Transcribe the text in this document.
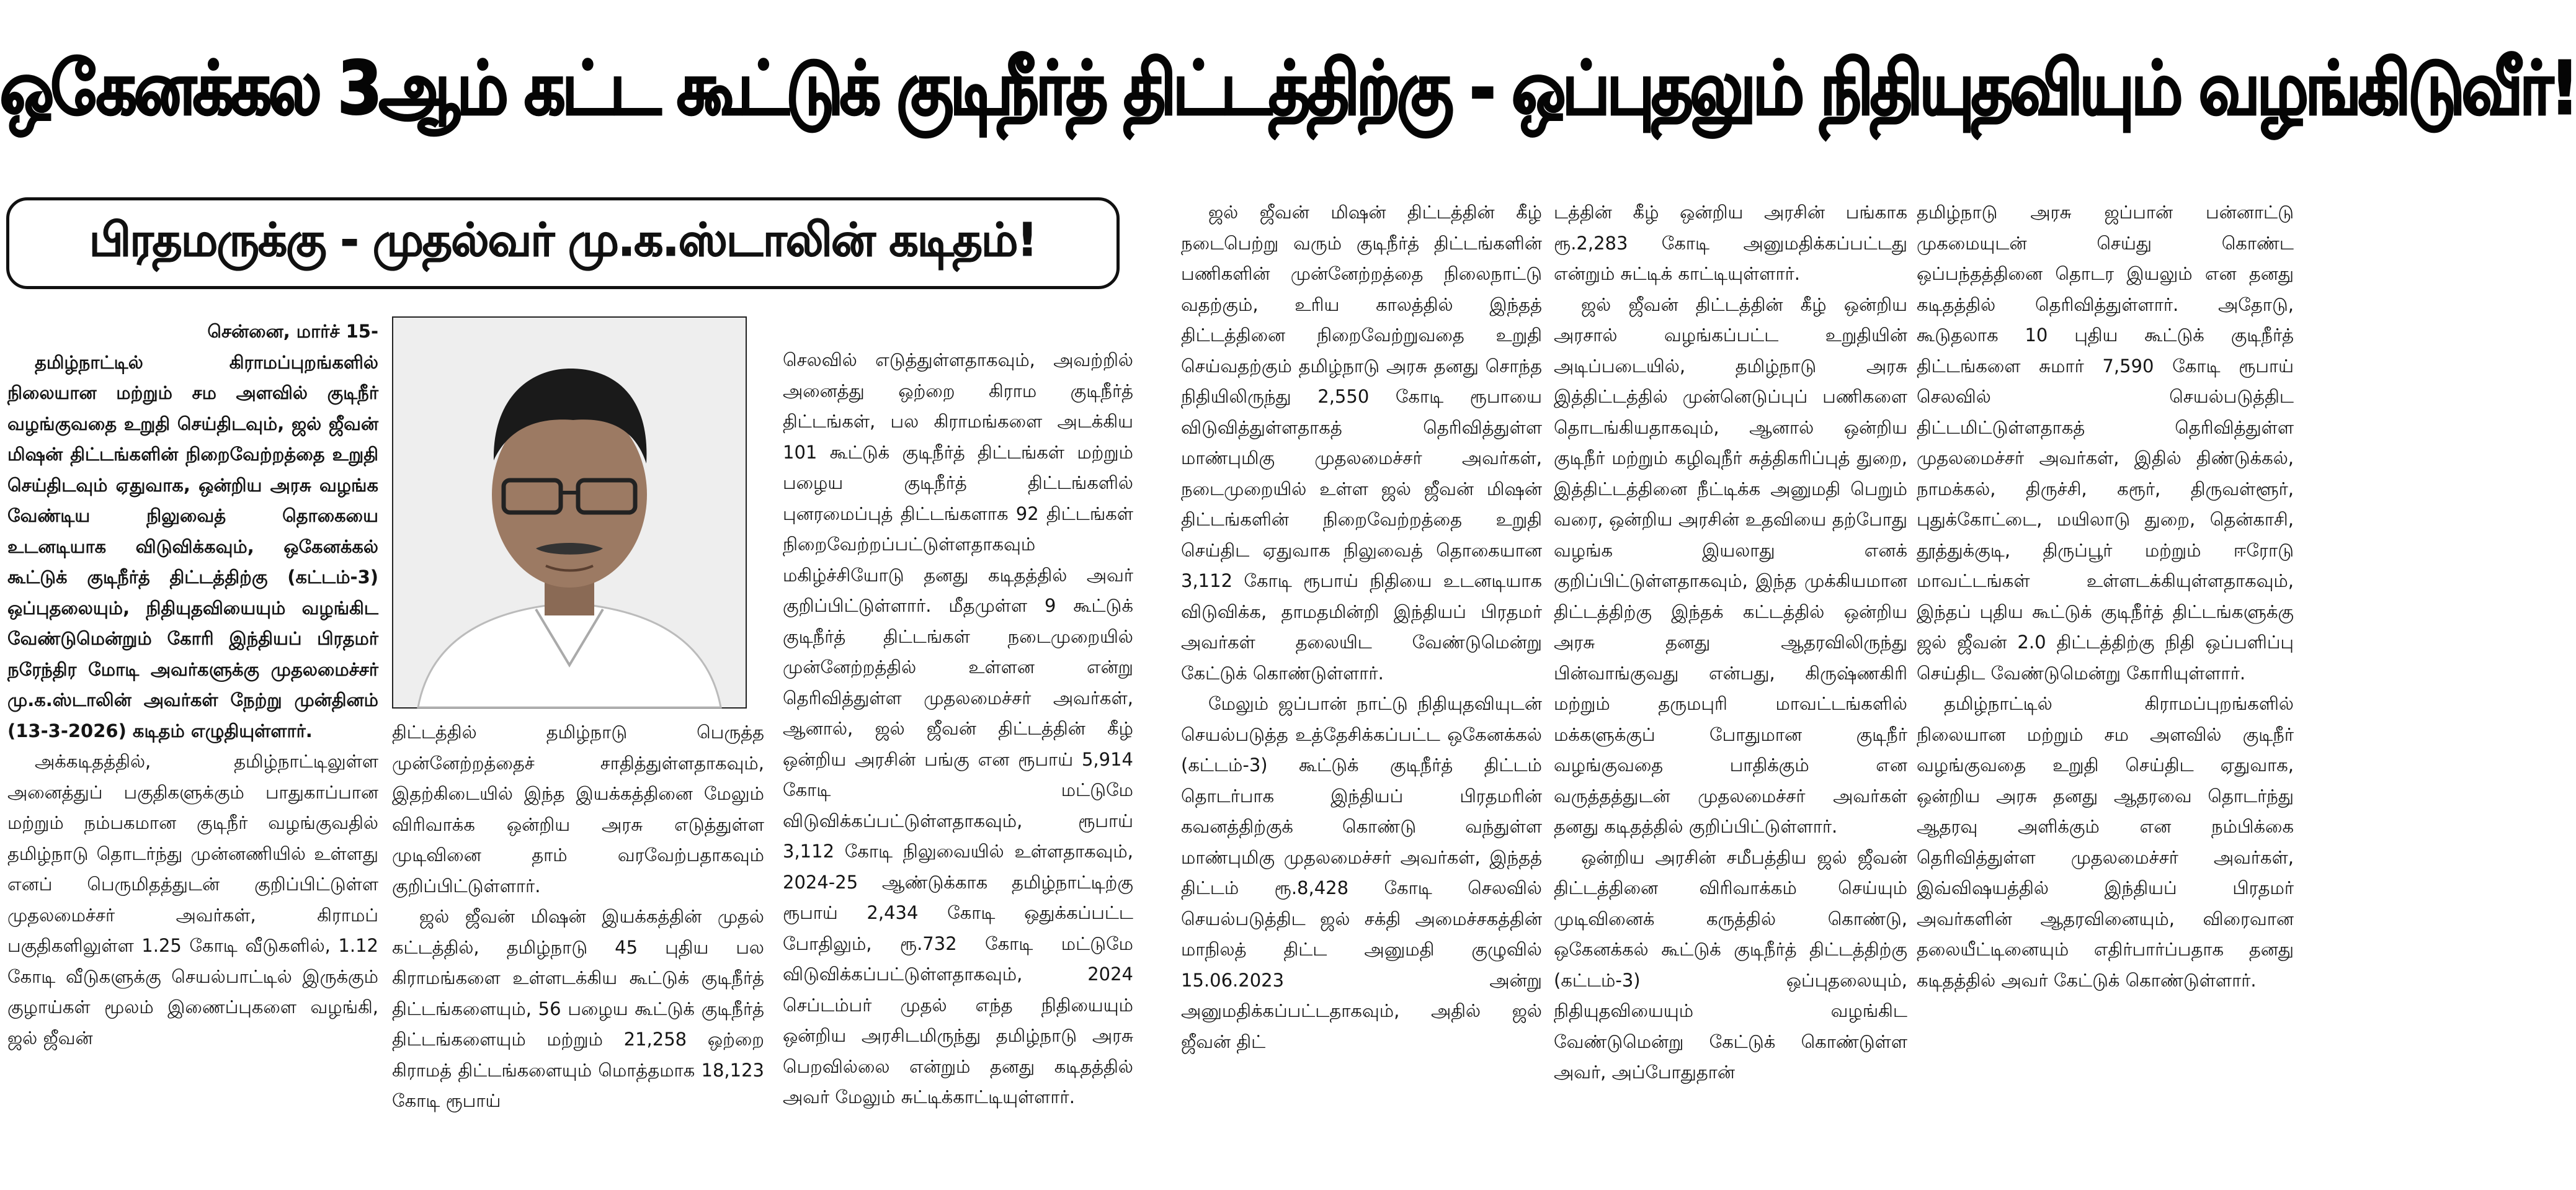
ஒகேனக்கல 3ஆம் கட்ட கூட்டுக் குடிநீர்த் திட்டத்திற்கு - ஒப்புதலும் நிதியுதவியும் வழங்கிடுவீர்!
பிரதமருக்கு - முதல்வர் மு.க.ஸ்டாலின் கடிதம்!

சென்னை, மார்ச் 15-

தமிழ்நாட்டில் கிராமப்புறங்களில் நிலையான மற்றும் சம அளவில் குடிநீர் வழங்குவதை உறுதி செய்திடவும், ஜல் ஜீவன் மிஷன் திட்டங்களின் நிறைவேற்றத்தை உறுதி செய்திடவும் ஏதுவாக, ஒன்றிய அரசு வழங்க வேண்டிய நிலுவைத் தொகையை உடனடியாக விடுவிக்கவும், ஒகேனக்கல் கூட்டுக் குடிநீர்த் திட்டத்திற்கு (கட்டம்-3) ஒப்புதலையும், நிதியுதவியையும் வழங்கிட வேண்டுமென்றும் கோரி இந்தியப் பிரதமர் நரேந்திர மோடி அவர்களுக்கு முதலமைச்சர் மு.க.ஸ்டாலின் அவர்கள் நேற்று முன்தினம் (13-3-2026) கடிதம் எழுதியுள்ளார்.

அக்கடிதத்தில், தமிழ்நாட்டிலுள்ள அனைத்துப் பகுதிகளுக்கும் பாதுகாப்பான மற்றும் நம்பகமான குடிநீர் வழங்குவதில் தமிழ்நாடு தொடர்ந்து முன்னணியில் உள்ளது எனப் பெருமிதத்துடன் குறிப்பிட்டுள்ள முதலமைச்சர் அவர்கள், கிராமப் பகுதிகளிலுள்ள 1.25 கோடி வீடுகளில், 1.12 கோடி வீடுகளுக்கு செயல்பாட்டில் இருக்கும் குழாய்கள் மூலம் இணைப்புகளை வழங்கி, ஜல் ஜீவன்

செலவில் எடுத்துள்ளதாகவும், அவற்றில் அனைத்து ஒற்றை கிராம குடிநீர்த் திட்டங்கள், பல கிராமங்களை அடக்கிய 101 கூட்டுக் குடிநீர்த் திட்டங்கள் மற்றும் பழைய குடிநீர்த் திட்டங்களில் புனரமைப்புத் திட்டங்களாக 92 திட்டங்கள் நிறைவேற்றப்பட்டுள்ளதாகவும் மகிழ்ச்சியோடு தனது கடிதத்தில் அவர் குறிப்பிட்டுள்ளார். மீதமுள்ள 9 கூட்டுக் குடிநீர்த் திட்டங்கள் நடைமுறையில் முன்னேற்றத்தில் உள்ளன என்று தெரிவித்துள்ள முதலமைச்சர் அவர்கள், ஆனால், ஜல் ஜீவன் திட்டத்தின் கீழ் ஒன்றிய அரசின் பங்கு என ரூபாய் 5,914 கோடி மட்டுமே விடுவிக்கப்பட்டுள்ளதாகவும், ரூபாய் 3,112 கோடி நிலுவையில் உள்ளதாகவும், 2024-25 ஆண்டுக்காக தமிழ்நாட்டிற்கு ரூபாய் 2,434 கோடி ஒதுக்கப்பட்ட போதிலும், ரூ.732 கோடி மட்டுமே விடுவிக்கப்பட்டுள்ளதாகவும், 2024 செப்டம்பர் முதல் எந்த நிதியையும் ஒன்றிய அரசிடமிருந்து தமிழ்நாடு அரசு பெறவில்லை என்றும் தனது கடிதத்தில் அவர் மேலும் சுட்டிக்காட்டியுள்ளார்.

திட்டத்தில் தமிழ்நாடு பெருத்த முன்னேற்றத்தைச் சாதித்துள்ளதாகவும், இதற்கிடையில் இந்த இயக்கத்தினை மேலும் விரிவாக்க ஒன்றிய அரசு எடுத்துள்ள முடிவினை தாம் வரவேற்பதாகவும் குறிப்பிட்டுள்ளார்.

ஜல் ஜீவன் மிஷன் இயக்கத்தின் முதல் கட்டத்தில், தமிழ்நாடு 45 புதிய பல கிராமங்களை உள்ளடக்கிய கூட்டுக் குடிநீர்த் திட்டங்களையும், 56 பழைய கூட்டுக் குடிநீர்த் திட்டங்களையும் மற்றும் 21,258 ஒற்றை கிராமத் திட்டங்களையும் மொத்தமாக 18,123 கோடி ரூபாய்

ஜல் ஜீவன் மிஷன் திட்டத்தின் கீழ் நடைபெற்று வரும் குடிநீர்த் திட்டங்களின் பணிகளின் முன்னேற்றத்தை நிலைநாட்டு வதற்கும், உரிய காலத்தில் இந்தத் திட்டத்தினை நிறைவேற்றுவதை உறுதி செய்வதற்கும் தமிழ்நாடு அரசு தனது சொந்த நிதியிலிருந்து 2,550 கோடி ரூபாயை விடுவித்துள்ளதாகத் தெரிவித்துள்ள மாண்புமிகு முதலமைச்சர் அவர்கள், நடைமுறையில் உள்ள ஜல் ஜீவன் மிஷன் திட்டங்களின் நிறைவேற்றத்தை உறுதி செய்திட ஏதுவாக நிலுவைத் தொகையான 3,112 கோடி ரூபாய் நிதியை உடனடியாக விடுவிக்க, தாமதமின்றி இந்தியப் பிரதமர் அவர்கள் தலையிட வேண்டுமென்று கேட்டுக் கொண்டுள்ளார்.

மேலும் ஜப்பான் நாட்டு நிதியுதவியுடன் செயல்படுத்த உத்தேசிக்கப்பட்ட ஒகேனக்கல் (கட்டம்-3) கூட்டுக் குடிநீர்த் திட்டம் தொடர்பாக இந்தியப் பிரதமரின் கவனத்திற்குக் கொண்டு வந்துள்ள மாண்புமிகு முதலமைச்சர் அவர்கள், இந்தத் திட்டம் ரூ.8,428 கோடி செலவில் செயல்படுத்திட ஜல் சக்தி அமைச்சகத்தின் மாநிலத் திட்ட அனுமதி குழுவில் 15.06.2023 அன்று அனுமதிக்கப்பட்டதாகவும், அதில் ஜல் ஜீவன் திட்

டத்தின் கீழ் ஒன்றிய அரசின் பங்காக ரூ.2,283 கோடி அனுமதிக்கப்பட்டது என்றும் சுட்டிக் காட்டியுள்ளார்.

ஜல் ஜீவன் திட்டத்தின் கீழ் ஒன்றிய அரசால் வழங்கப்பட்ட உறுதியின் அடிப்படையில், தமிழ்நாடு அரசு இத்திட்டத்தில் முன்னெடுப்புப் பணிகளை தொடங்கியதாகவும், ஆனால் ஒன்றிய குடிநீர் மற்றும் கழிவுநீர் சுத்திகரிப்புத் துறை, இத்திட்டத்தினை நீட்டிக்க அனுமதி பெறும் வரை, ஒன்றிய அரசின் உதவியை தற்போது வழங்க இயலாது எனக் குறிப்பிட்டுள்ளதாகவும், இந்த முக்கியமான திட்டத்திற்கு இந்தக் கட்டத்தில் ஒன்றிய அரசு தனது ஆதரவிலிருந்து பின்வாங்குவது என்பது, கிருஷ்ணகிரி மற்றும் தருமபுரி மாவட்டங்களில் மக்களுக்குப் போதுமான குடிநீர் வழங்குவதை பாதிக்கும் என வருத்தத்துடன் முதலமைச்சர் அவர்கள் தனது கடிதத்தில் குறிப்பிட்டுள்ளார்.

ஒன்றிய அரசின் சமீபத்திய ஜல் ஜீவன் திட்டத்தினை விரிவாக்கம் செய்யும் முடிவினைக் கருத்தில் கொண்டு, ஒகேனக்கல் கூட்டுக் குடிநீர்த் திட்டத்திற்கு (கட்டம்-3) ஒப்புதலையும், நிதியுதவியையும் வழங்கிட வேண்டுமென்று கேட்டுக் கொண்டுள்ள அவர், அப்போதுதான்

தமிழ்நாடு அரசு ஜப்பான் பன்னாட்டு முகமையுடன் செய்து கொண்ட ஒப்பந்தத்தினை தொடர இயலும் என தனது கடிதத்தில் தெரிவித்துள்ளார். அதோடு, கூடுதலாக 10 புதிய கூட்டுக் குடிநீர்த் திட்டங்களை சுமார் 7,590 கோடி ரூபாய் செலவில் செயல்படுத்திட திட்டமிட்டுள்ளதாகத் தெரிவித்துள்ள முதலமைச்சர் அவர்கள், இதில் திண்டுக்கல், நாமக்கல், திருச்சி, கரூர், திருவள்ளூர், புதுக்கோட்டை, மயிலாடு துறை, தென்காசி, தூத்துக்குடி, திருப்பூர் மற்றும் ஈரோடு மாவட்டங்கள் உள்ளடக்கியுள்ளதாகவும், இந்தப் புதிய கூட்டுக் குடிநீர்த் திட்டங்களுக்கு ஜல் ஜீவன் 2.0 திட்டத்திற்கு நிதி ஒப்பளிப்பு செய்திட வேண்டுமென்று கோரியுள்ளார்.

தமிழ்நாட்டில் கிராமப்புறங்களில் நிலையான மற்றும் சம அளவில் குடிநீர் வழங்குவதை உறுதி செய்திட ஏதுவாக, ஒன்றிய அரசு தனது ஆதரவை தொடர்ந்து ஆதரவு அளிக்கும் என நம்பிக்கை தெரிவித்துள்ள முதலமைச்சர் அவர்கள், இவ்விஷயத்தில் இந்தியப் பிரதமர் அவர்களின் ஆதரவினையும், விரைவான தலையீட்டினையும் எதிர்பார்ப்பதாக தனது கடிதத்தில் அவர் கேட்டுக் கொண்டுள்ளார்.
